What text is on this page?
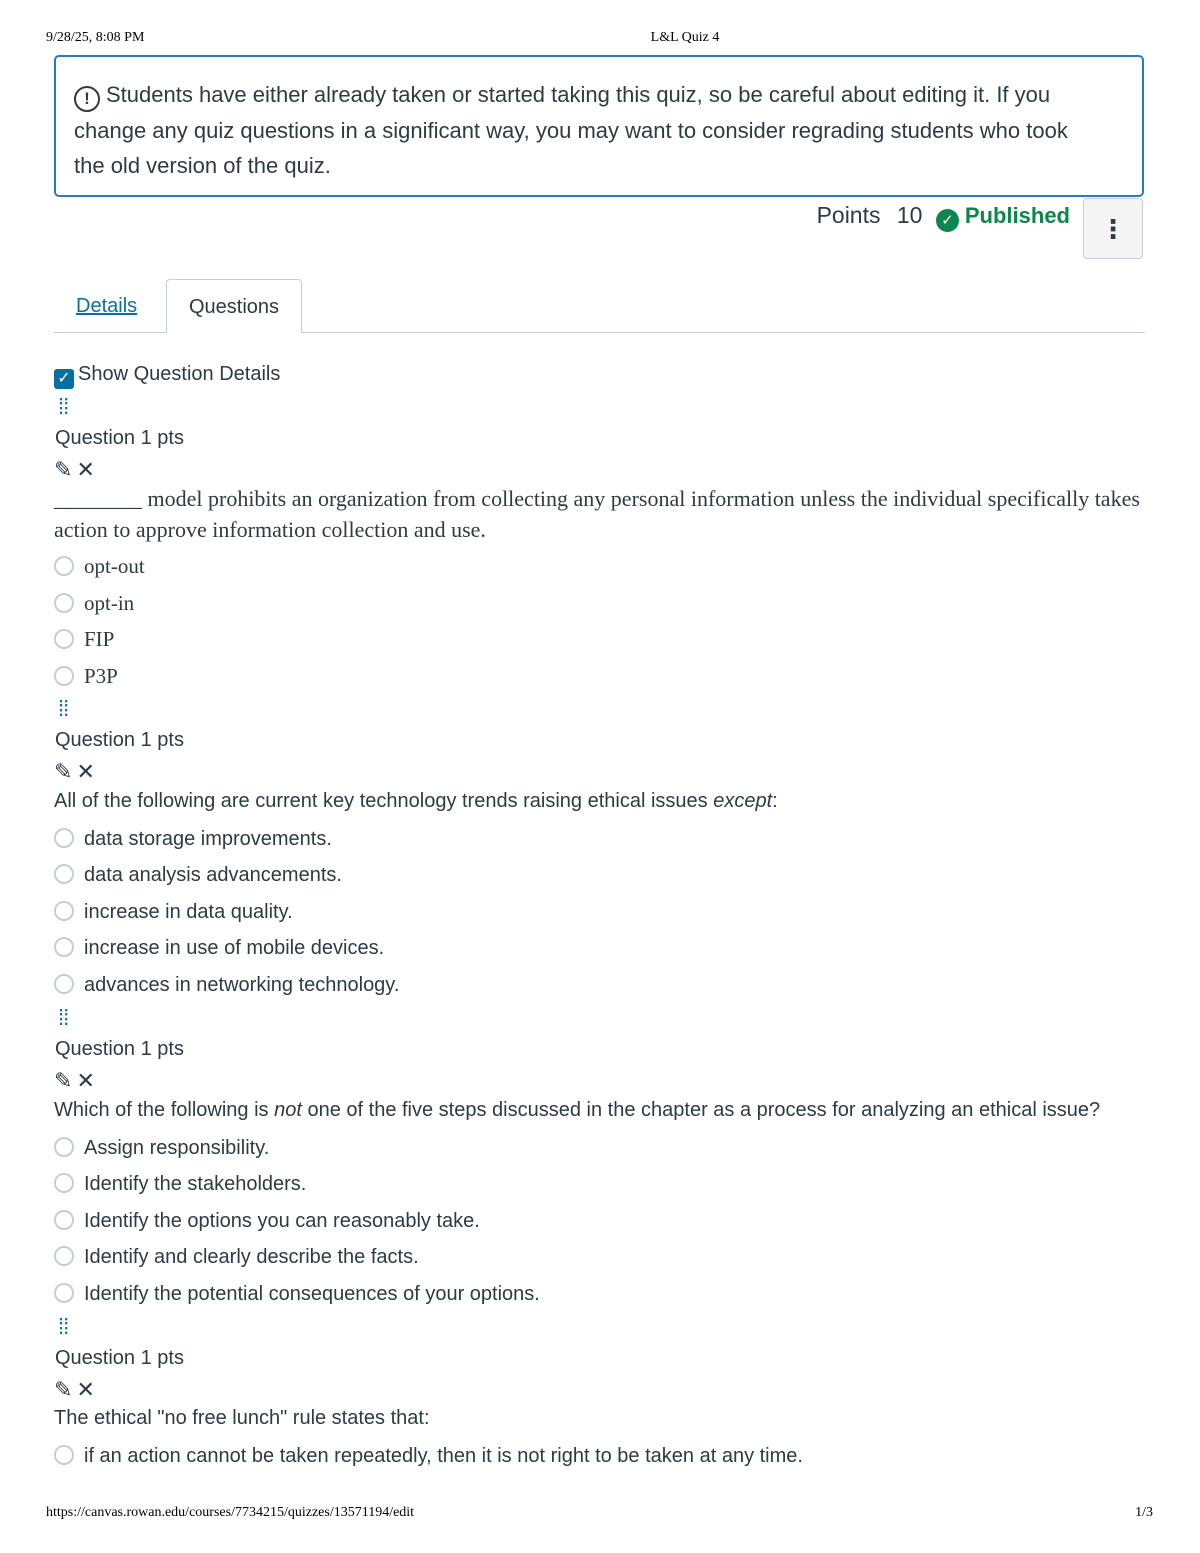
9/28/25, 8:08 PM	L&L Quiz 4
! Students have either already taken or started taking this quiz, so be careful about editing it. If you change any quiz questions in a significant way, you may want to consider regrading students who took the old version of the quiz.
Points 10 ✓ Published	⋮
Details	Questions
✓ Show Question Details
⁞⁞
Question 1 pts
✎ ✕
________ model prohibits an organization from collecting any personal information unless the individual specifically takes action to approve information collection and use.
opt-out
opt-in
FIP
P3P
⁞⁞
Question 1 pts
✎ ✕
All of the following are current key technology trends raising ethical issues except:
data storage improvements.
data analysis advancements.
increase in data quality.
increase in use of mobile devices.
advances in networking technology.
⁞⁞
Question 1 pts
✎ ✕
Which of the following is not one of the five steps discussed in the chapter as a process for analyzing an ethical issue?
Assign responsibility.
Identify the stakeholders.
Identify the options you can reasonably take.
Identify and clearly describe the facts.
Identify the potential consequences of your options.
⁞⁞
Question 1 pts
✎ ✕
The ethical "no free lunch" rule states that:
if an action cannot be taken repeatedly, then it is not right to be taken at any time.
https://canvas.rowan.edu/courses/7734215/quizzes/13571194/edit	1/3
